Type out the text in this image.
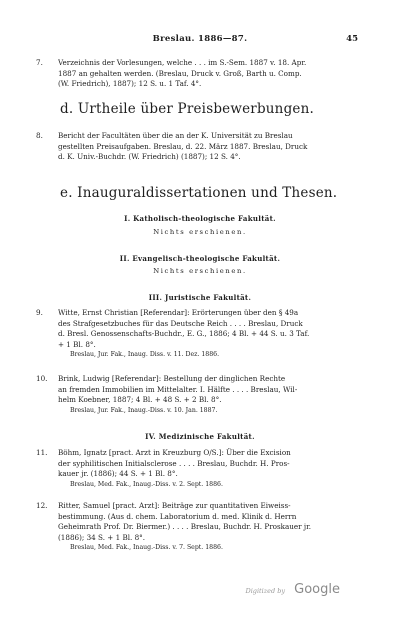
Breslau. 1886—87.	45
7.	Verzeichnis der Vorlesungen, welche . . . im S.-Sem. 1887 v. 18. Apr.
1887 an gehalten werden. (Breslau, Druck v. Groß, Barth u. Comp.
(W. Friedrich), 1887); 12 S. u. 1 Taf. 4°.
d. Urtheile über Preisbewerbungen.
8.	Bericht der Facultäten über die an der K. Universität zu Breslau
gestellten Preisaufgaben. Breslau, d. 22. März 1887. Breslau, Druck
d. K. Univ.-Buchdr. (W. Friedrich) (1887); 12 S. 4°.
e. Inauguraldissertationen und Thesen.
I. Katholisch-theologische Fakultät.
Nichts erschienen.
II. Evangelisch-theologische Fakultät.
Nichts erschienen.
III. Juristische Fakultät.
9.	Witte, Ernst Christian [Referendar]: Erörterungen über den § 49a
des Strafgesetzbuches für das Deutsche Reich . . . . Breslau, Druck
d. Bresl. Genossenschafts-Buchdr., E. G., 1886; 4 Bl. + 44 S. u. 3 Taf.
+ 1 Bl. 8°.
Breslau, Jur. Fak., Inaug. Diss. v. 11. Dez. 1886.
10.	Brink, Ludwig [Referendar]: Bestellung der dinglichen Rechte
an fremden Immobilien im Mittelalter. I. Hälfte . . . . Breslau, Wil-
helm Koebner, 1887; 4 Bl. + 48 S. + 2 Bl. 8°.
Breslau, Jur. Fak., Inaug.-Diss. v. 10. Jan. 1887.
IV. Medizinische Fakultät.
11.	Böhm, Ignatz [pract. Arzt in Kreuzburg O/S.]: Über die Excision
der syphilitischen Initialsclerose . . . . Breslau, Buchdr. H. Pros-
kauer jr. (1886); 44 S. + 1 Bl. 8°.
Breslau, Med. Fak., Inaug.-Diss. v. 2. Sept. 1886.
12.	Ritter, Samuel [pract. Arzt]: Beiträge zur quantitativen Eiweiss-
bestimmung. (Aus d. chem. Laboratorium d. med. Klinik d. Herrn
Geheimrath Prof. Dr. Biermer.) . . . . Breslau, Buchdr. H. Proskauer jr.
(1886); 34 S. + 1 Bl. 8°.
Breslau, Med. Fak., Inaug.-Diss. v. 7. Sept. 1886.
Digitized by Google
